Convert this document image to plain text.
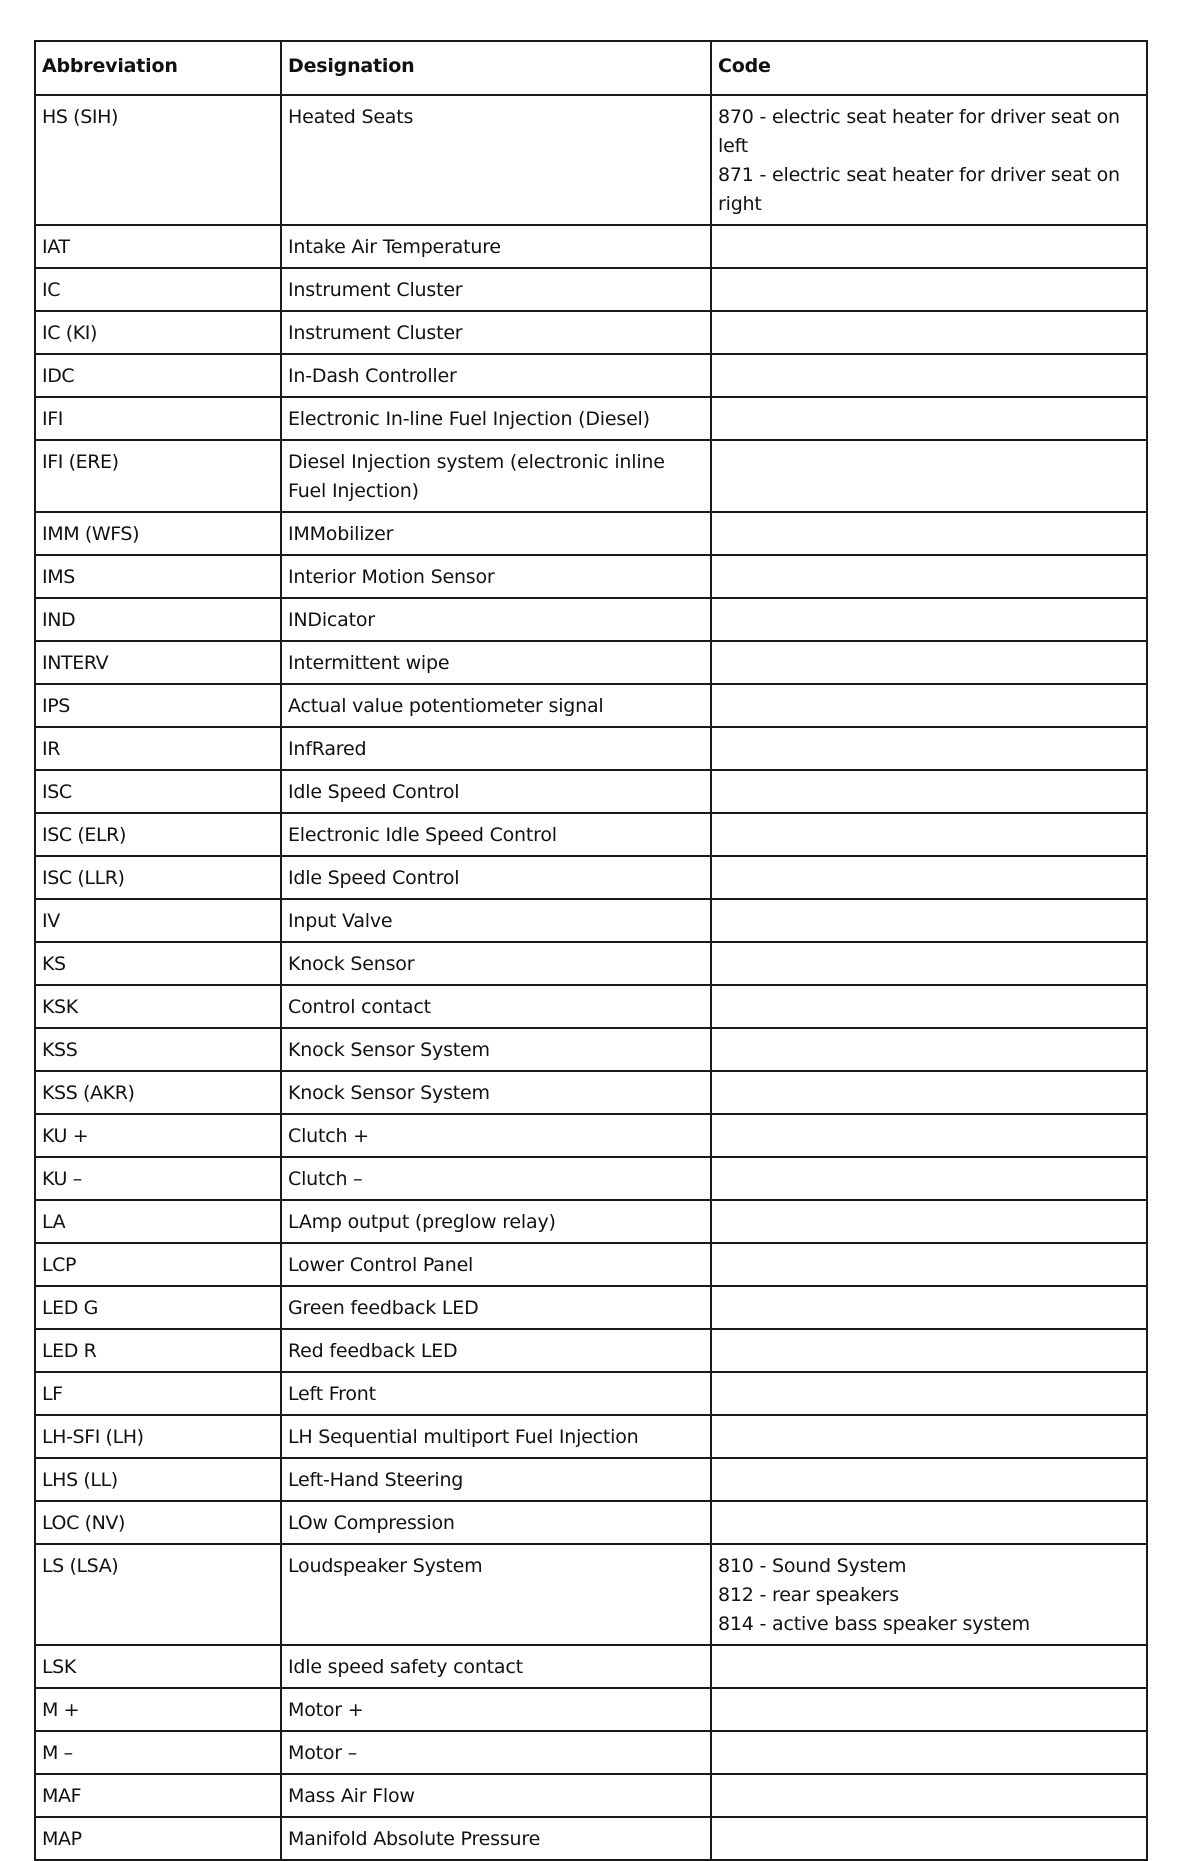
Abbreviation	Designation	Code
HS (SIH)	Heated Seats	870 - electric seat heater for driver seat on left
871 - electric seat heater for driver seat on right

IAT	Intake Air Temperature	
IC	Instrument Cluster	
IC (KI)	Instrument Cluster	
IDC	In-Dash Controller	
IFI	Electronic In-line Fuel Injection (Diesel)	
IFI (ERE)	Diesel Injection system (electronic inline Fuel Injection)	
IMM (WFS)	IMMobilizer	
IMS	Interior Motion Sensor	
IND	INDicator	
INTERV	Intermittent wipe	
IPS	Actual value potentiometer signal	
IR	InfRared	
ISC	Idle Speed Control	
ISC (ELR)	Electronic Idle Speed Control	
ISC (LLR)	Idle Speed Control	
IV	Input Valve	
KS	Knock Sensor	
KSK	Control contact	
KSS	Knock Sensor System	
KSS (AKR)	Knock Sensor System	
KU +	Clutch +	
KU –	Clutch –	
LA	LAmp output (preglow relay)	
LCP	Lower Control Panel	
LED G	Green feedback LED	
LED R	Red feedback LED	
LF	Left Front	
LH-SFI (LH)	LH Sequential multiport Fuel Injection	
LHS (LL)	Left-Hand Steering	
LOC (NV)	LOw Compression	
LS (LSA)	Loudspeaker System	810 - Sound System
812 - rear speakers
814 - active bass speaker system

LSK	Idle speed safety contact	
M +	Motor +	
M –	Motor –	
MAF	Mass Air Flow	
MAP	Manifold Absolute Pressure	
